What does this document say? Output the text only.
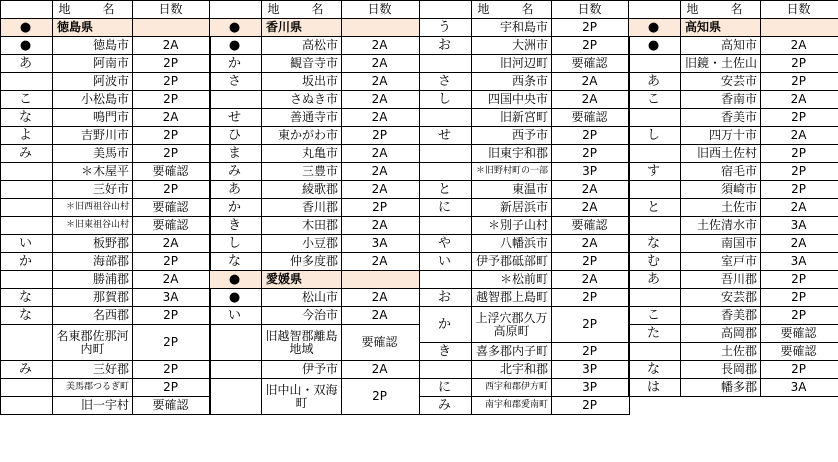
	地　名	日数
●	徳島県	
●	徳島市	2A
あ	阿南市	2P
	阿波市	2P
こ	小松島市	2P
な	鳴門市	2A
よ	吉野川市	2P
み	美馬市	2P
	＊木屋平	要確認
	三好市	2P
	＊旧西祖谷山村	要確認
	＊旧東祖谷山村	要確認
い	板野郡	2A
か	海部郡	2P
	勝浦郡	2A
な	那賀郡	3A
な	名西郡	2P
	名東郡佐那河内町	2P
み	三好郡	2P
	美馬郡つるぎ町	2P
	旧一宇村	要確認
	地　名	日数
●	香川県	
●	高松市	2A
か	観音寺市	2A
さ	坂出市	2A
	さぬき市	2A
せ	善通寺市	2A
ひ	東かがわ市	2P
ま	丸亀市	2A
み	三豊市	2A
あ	綾歌郡	2A
か	香川郡	2P
き	木田郡	2A
し	小豆郡	3A
な	仲多度郡	2A
●	愛媛県	
●	松山市	2A
い	今治市	2A
	旧越智郡離島地域	要確認
	伊予市	2A
	旧中山・双海町	2P
	地　名	日数
う	宇和島市	2P
お	大洲市	2P
	旧河辺町	要確認
さ	西条市	2A
し	四国中央市	2A
	旧新宮町	要確認
せ	西予市	2P
	旧東宇和郡	2P
	＊旧野村町の一部	3P
と	東温市	2A
に	新居浜市	2A
	＊別子山村	要確認
や	八幡浜市	2A
い	伊予郡砥部町	2P
	＊松前町	2A
お	越智郡上島町	2P
か	上浮穴郡久万高原町	2P
き	喜多郡内子町	2P
	北宇和郡	3P
に	西宇和郡伊方町	3P
み	南宇和郡愛南町	2P
	地　名	日数
●	高知県	
●	高知市	2A
	旧鏡・土佐山	2P
あ	安芸市	2P
こ	香南市	2A
	香美市	2P
し	四万十市	2A
	旧西土佐村	2P
す	宿毛市	2P
	須崎市	2P
と	土佐市	2A
	土佐清水市	3A
な	南国市	2A
む	室戸市	3A
あ	吾川郡	2P
	安芸郡	2P
こ	香美郡	2P
た	高岡郡	要確認
	土佐郡	要確認
な	長岡郡	2P
は	幡多郡	3A
